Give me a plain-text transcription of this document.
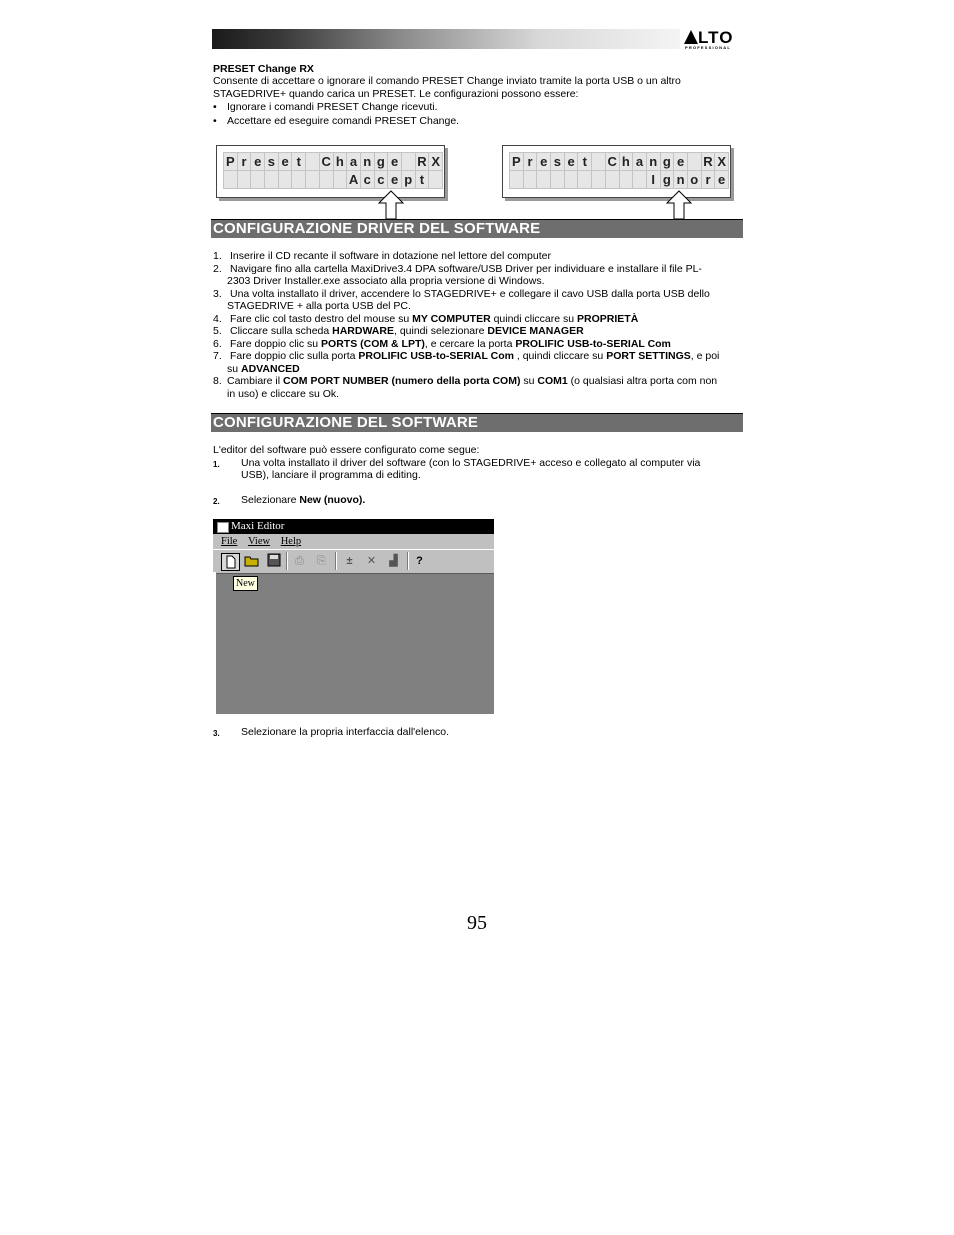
LTO
PROFESSIONAL
PRESET Change RX
Consente di accettare o ignorare il comando PRESET Change inviato tramite la porta USB o un altro
STAGEDRIVE+ quando carica un PRESET. Le configurazioni possono essere:
• Ignorare i comandi PRESET Change ricevuti.
• Accettare ed eseguire comandi PRESET Change.
P r e s e t	C h a n g e R X
A c c e p t
P r e s e t	C h a n g e R X
I g n o r e
CONFIGURAZIONE DRIVER DEL SOFTWARE
1. Inserire il CD recante il software in dotazione nel lettore del computer
2. Navigare fino alla cartella MaxiDrive3.4 DPA software/USB Driver per individuare e installare il file PL-
2303 Driver Installer.exe associato alla propria versione di Windows.
3. Una volta installato il driver, accendere lo STAGEDRIVE+ e collegare il cavo USB dalla porta USB dello
STAGEDRIVE + alla porta USB del PC.
4. Fare clic col tasto destro del mouse su MY COMPUTER quindi cliccare su PROPRIETÀ
5. Cliccare sulla scheda HARDWARE, quindi selezionare DEVICE MANAGER
6. Fare doppio clic su PORTS (COM & LPT), e cercare la porta PROLIFIC USB-to-SERIAL Com
7. Fare doppio clic sulla porta PROLIFIC USB-to-SERIAL Com , quindi cliccare su PORT SETTINGS, e poi
su ADVANCED
8. Cambiare il COM PORT NUMBER (numero della porta COM) su COM1 (o qualsiasi altra porta com non
in uso) e cliccare su Ok.
CONFIGURAZIONE DEL SOFTWARE
L'editor del software può essere configurato come segue:
1. Una volta installato il driver del software (con lo STAGEDRIVE+ acceso e collegato al computer via
USB), lanciare il programma di editing.
2. Selezionare New (nuovo).
Maxi Editor
File View Help
⎙	⎘	±	✕	▟	?
New
3. Selezionare la propria interfaccia dall'elenco.
95
